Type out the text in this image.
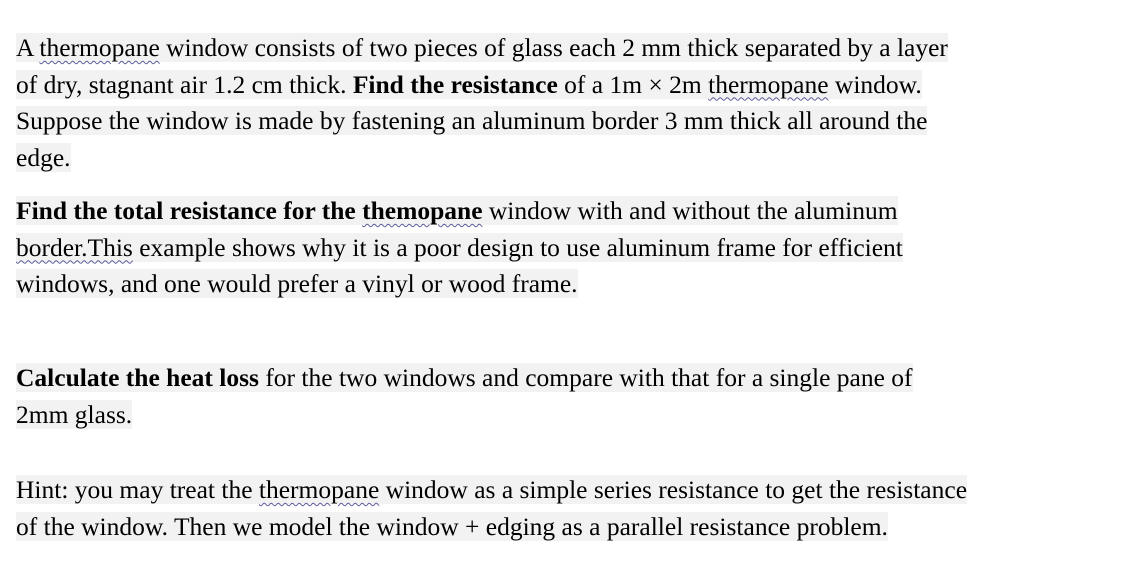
A thermopane window consists of two pieces of glass each 2 mm thick separated by a layer
of dry, stagnant air 1.2 cm thick. Find the resistance of a 1m × 2m thermopane window.
Suppose the window is made by fastening an aluminum border 3 mm thick all around the
edge.
Find the total resistance for the themopane window with and without the aluminum
border.This example shows why it is a poor design to use aluminum frame for efficient
windows, and one would prefer a vinyl or wood frame.
Calculate the heat loss for the two windows and compare with that for a single pane of
2mm glass.
Hint: you may treat the thermopane window as a simple series resistance to get the resistance
of the window. Then we model the window + edging as a parallel resistance problem.
